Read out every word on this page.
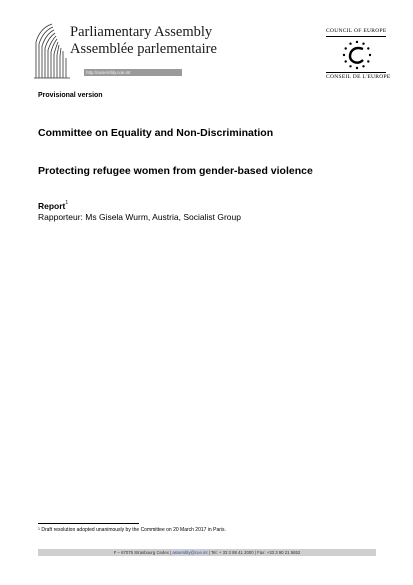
Parliamentary Assembly
Assemblée parlementaire
http://assembly.coe.int
COUNCIL OF EUROPE
CONSEIL DE L'EUROPE
Provisional version
Committee on Equality and Non-Discrimination
Protecting refugee women from gender-based violence
Report$^1$
Rapporteur: Ms Gisela Wurm, Austria, Socialist Group
$^1$ Draft resolution adopted unanimously by the Committee on 20 March 2017 in Paris.
F – 67075 Strasbourg Cedex | assembly@coe.int | Tel: + 33 3 88 41 2000 | Fax: +33 3 90 21 5652
